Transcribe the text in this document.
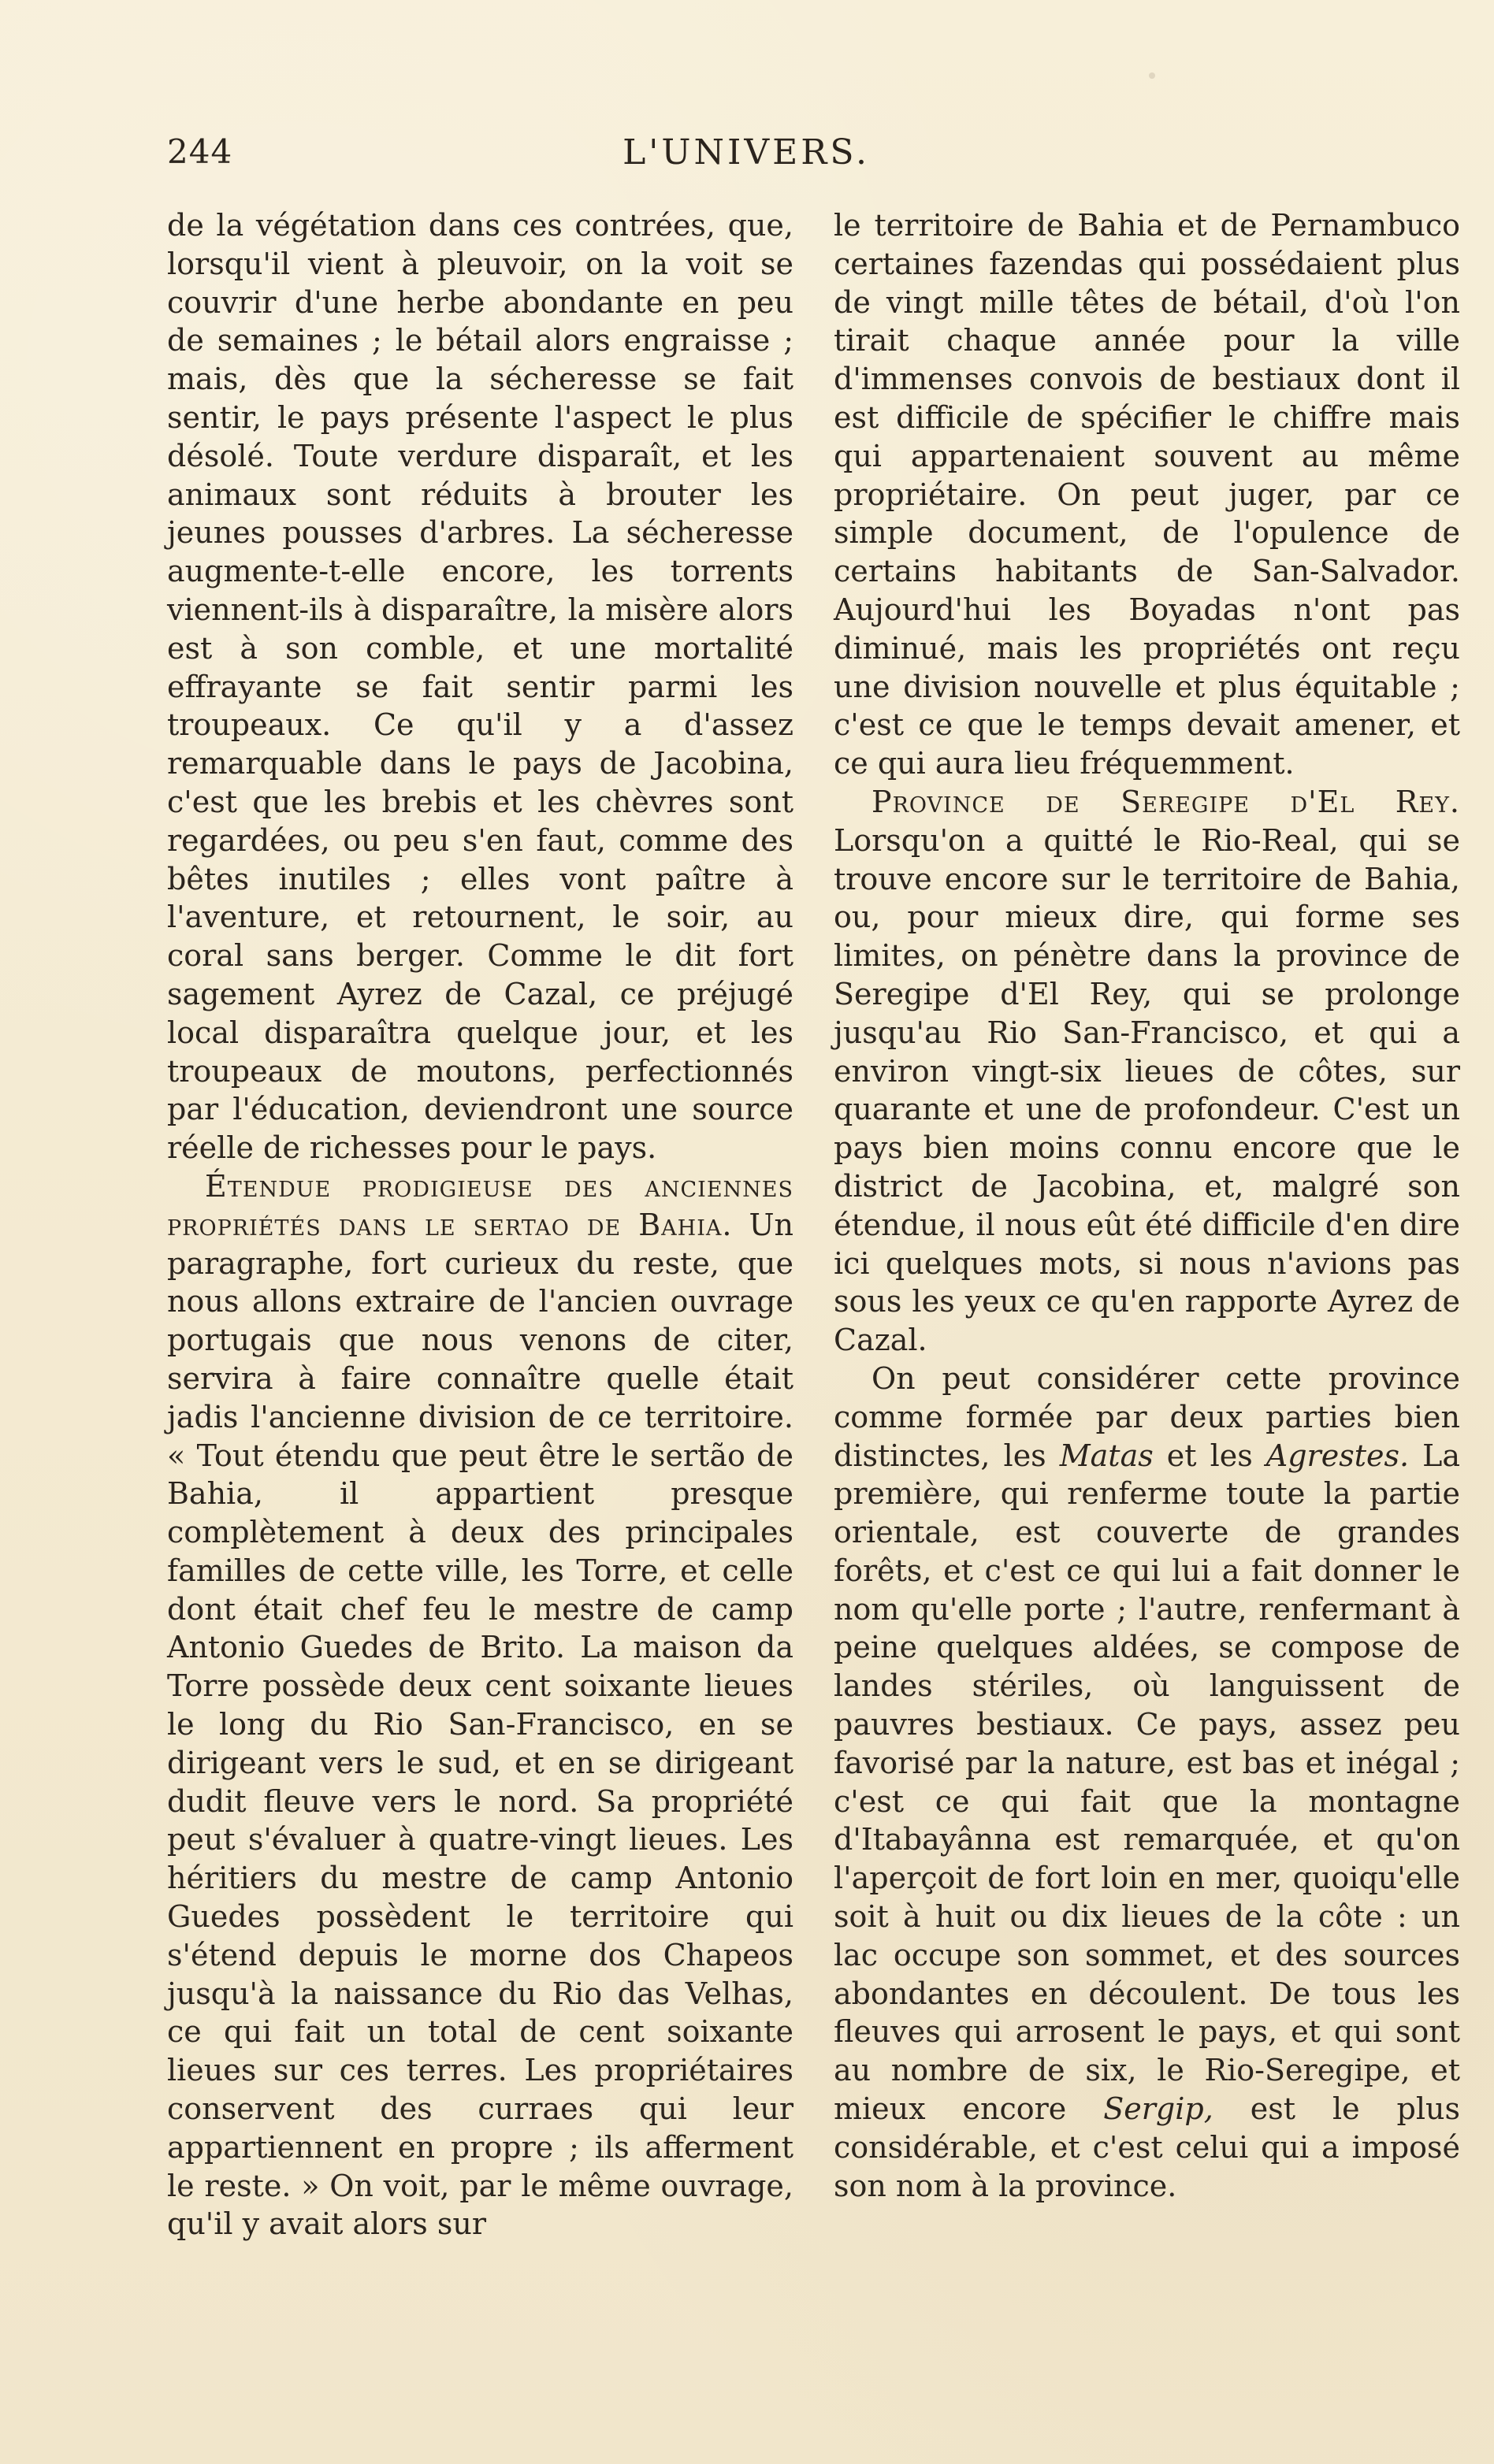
244	L'UNIVERS.

de la végétation dans ces contrées, que, lorsqu'il vient à pleuvoir, on la voit se couvrir d'une herbe abondante en peu de semaines ; le bétail alors engraisse ; mais, dès que la sécheresse se fait sentir, le pays présente l'aspect le plus désolé. Toute verdure disparaît, et les animaux sont réduits à brouter les jeunes pousses d'arbres. La sécheresse augmente-t-elle encore, les torrents viennent-ils à disparaître, la misère alors est à son comble, et une mortalité effrayante se fait sentir parmi les troupeaux. Ce qu'il y a d'assez remarquable dans le pays de Jacobina, c'est que les brebis et les chèvres sont regardées, ou peu s'en faut, comme des bêtes inutiles ; elles vont paître à l'aventure, et retournent, le soir, au coral sans berger. Comme le dit fort sagement Ayrez de Cazal, ce préjugé local disparaîtra quelque jour, et les troupeaux de moutons, perfectionnés par l'éducation, deviendront une source réelle de richesses pour le pays.

Étendue prodigieuse des anciennes propriétés dans le sertao de Bahia. Un paragraphe, fort curieux du reste, que nous allons extraire de l'ancien ouvrage portugais que nous venons de citer, servira à faire connaître quelle était jadis l'ancienne division de ce territoire. « Tout étendu que peut être le sertão de Bahia, il appartient presque complètement à deux des principales familles de cette ville, les Torre, et celle dont était chef feu le mestre de camp Antonio Guedes de Brito. La maison da Torre possède deux cent soixante lieues le long du Rio San-Francisco, en se dirigeant vers le sud, et en se dirigeant dudit fleuve vers le nord. Sa propriété peut s'évaluer à quatre-vingt lieues. Les héritiers du mestre de camp Antonio Guedes possèdent le territoire qui s'étend depuis le morne dos Chapeos jusqu'à la naissance du Rio das Velhas, ce qui fait un total de cent soixante lieues sur ces terres. Les propriétaires conservent des curraes qui leur appartiennent en propre ; ils afferment le reste. » On voit, par le même ouvrage, qu'il y avait alors sur

le territoire de Bahia et de Pernambuco certaines fazendas qui possédaient plus de vingt mille têtes de bétail, d'où l'on tirait chaque année pour la ville d'immenses convois de bestiaux dont il est difficile de spécifier le chiffre mais qui appartenaient souvent au même propriétaire. On peut juger, par ce simple document, de l'opulence de certains habitants de San-Salvador. Aujourd'hui les Boyadas n'ont pas diminué, mais les propriétés ont reçu une division nouvelle et plus équitable ; c'est ce que le temps devait amener, et ce qui aura lieu fréquemment.

Province de Seregipe d'El Rey. Lorsqu'on a quitté le Rio-Real, qui se trouve encore sur le territoire de Bahia, ou, pour mieux dire, qui forme ses limites, on pénètre dans la province de Seregipe d'El Rey, qui se prolonge jusqu'au Rio San-Francisco, et qui a environ vingt-six lieues de côtes, sur quarante et une de profondeur. C'est un pays bien moins connu encore que le district de Jacobina, et, malgré son étendue, il nous eût été difficile d'en dire ici quelques mots, si nous n'avions pas sous les yeux ce qu'en rapporte Ayrez de Cazal.

On peut considérer cette province comme formée par deux parties bien distinctes, les Matas et les Agrestes. La première, qui renferme toute la partie orientale, est couverte de grandes forêts, et c'est ce qui lui a fait donner le nom qu'elle porte ; l'autre, renfermant à peine quelques aldées, se compose de landes stériles, où languissent de pauvres bestiaux. Ce pays, assez peu favorisé par la nature, est bas et inégal ; c'est ce qui fait que la montagne d'Itabayânna est remarquée, et qu'on l'aperçoit de fort loin en mer, quoiqu'elle soit à huit ou dix lieues de la côte : un lac occupe son sommet, et des sources abondantes en découlent. De tous les fleuves qui arrosent le pays, et qui sont au nombre de six, le Rio-Seregipe, et mieux encore Sergip, est le plus considérable, et c'est celui qui a imposé son nom à la province.
